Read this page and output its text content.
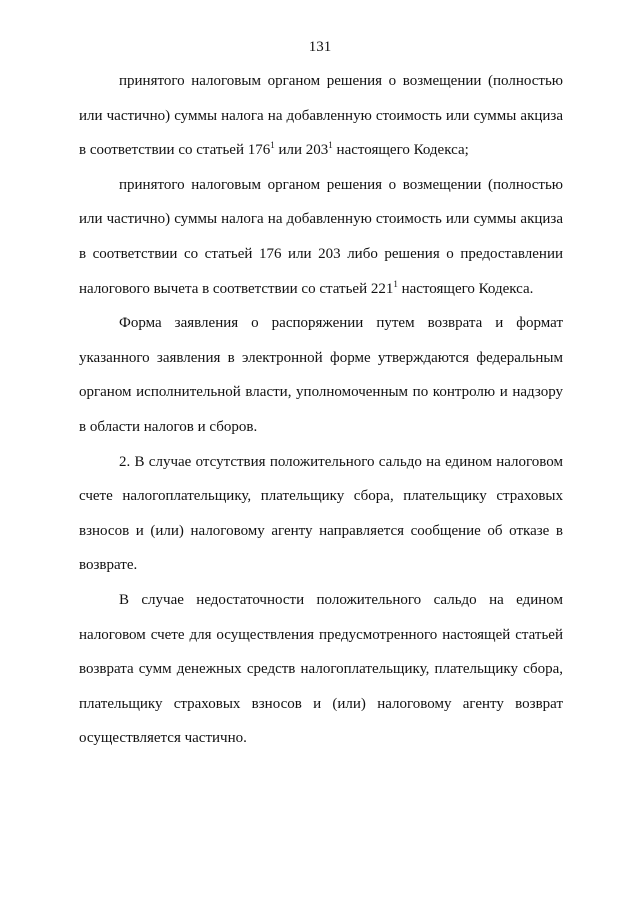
131

принятого налоговым органом решения о возмещении (полностью или частично) суммы налога на добавленную стоимость или суммы акциза в соответствии со статьей $176^1$ или $203^1$ настоящего Кодекса;

принятого налоговым органом решения о возмещении (полностью или частично) суммы налога на добавленную стоимость или суммы акциза в соответствии со статьей 176 или 203 либо решения о предоставлении налогового вычета в соответствии со статьей $221^1$ настоящего Кодекса.

Форма заявления о распоряжении путем возврата и формат указанного заявления в электронной форме утверждаются федеральным органом исполнительной власти, уполномоченным по контролю и надзору в области налогов и сборов.

2. В случае отсутствия положительного сальдо на едином налоговом счете налогоплательщику, плательщику сбора, плательщику страховых взносов и (или) налоговому агенту направляется сообщение об отказе в возврате.

В случае недостаточности положительного сальдо на едином налоговом счете для осуществления предусмотренного настоящей статьей возврата сумм денежных средств налогоплательщику, плательщику сбора, плательщику страховых взносов и (или) налоговому агенту возврат осуществляется частично.
